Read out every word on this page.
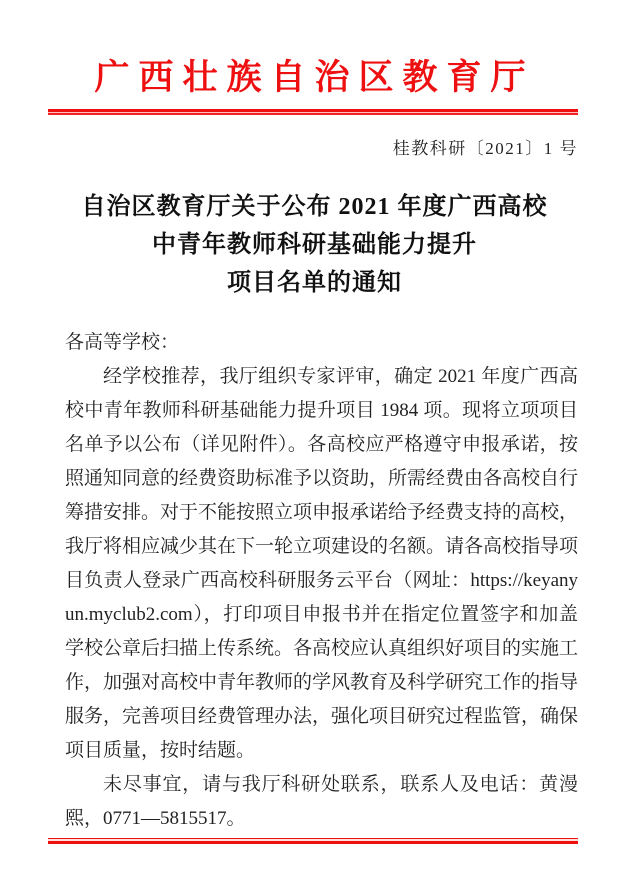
广西壮族自治区教育厅
桂教科研〔2021〕1 号
自治区教育厅关于公布 2021 年度广西高校
中青年教师科研基础能力提升
项目名单的通知

各高等学校：

经学校推荐，我厅组织专家评审，确定 2021 年度广西高校中青年教师科研基础能力提升项目 1984 项。现将立项项目名单予以公布（详见附件）。各高校应严格遵守申报承诺，按照通知同意的经费资助标准予以资助，所需经费由各高校自行筹措安排。对于不能按照立项申报承诺给予经费支持的高校，我厅将相应减少其在下一轮立项建设的名额。请各高校指导项目负责人登录广西高校科研服务云平台（网址：https://keyanyun.myclub2.com），打印项目申报书并在指定位置签字和加盖学校公章后扫描上传系统。各高校应认真组织好项目的实施工作，加强对高校中青年教师的学风教育及科学研究工作的指导服务，完善项目经费管理办法，强化项目研究过程监管，确保项目质量，按时结题。

未尽事宜，请与我厅科研处联系，联系人及电话：黄漫熙，0771—5815517。
